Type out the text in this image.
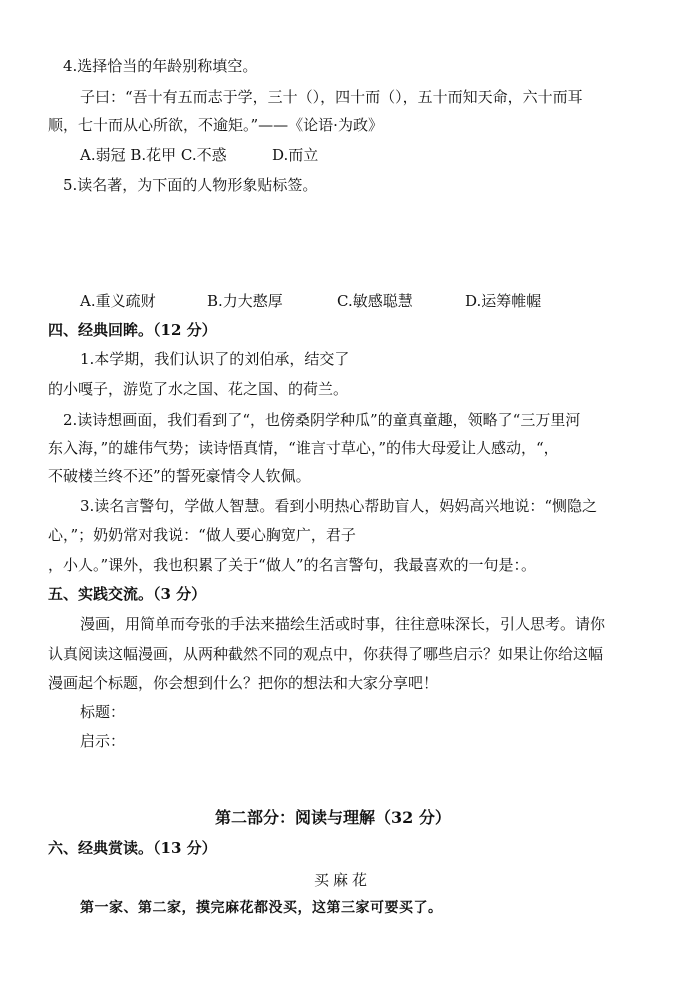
4.选择恰当的年龄别称填空。
子曰：“吾十有五而志于学，三十（），四十而（），五十而知天命，六十而耳
顺，七十而从心所欲，不逾矩。”——《论语·为政》
A.弱冠 B.花甲 C.不惑	D.而立
5.读名著，为下面的人物形象贴标签。
A.重义疏财	B.力大憨厚	C.敏感聪慧	D.运筹帷幄
四、经典回眸。（12 分）
1.本学期，我们认识了的刘伯承，结交了
的小嘎子，游览了水之国、花之国、的荷兰。
2.读诗想画面，我们看到了“，也傍桑阴学种瓜”的童真童趣，领略了“三万里河
东入海，”的雄伟气势；读诗悟真情，“谁言寸草心，”的伟大母爱让人感动，“，
不破楼兰终不还”的誓死豪情令人钦佩。
3.读名言警句，学做人智慧。看到小明热心帮助盲人，妈妈高兴地说：“恻隐之
心，”；奶奶常对我说：“做人要心胸宽广，君子
，小人。”课外，我也积累了关于“做人”的名言警句，我最喜欢的一句是：。
五、实践交流。（3 分）
漫画，用简单而夸张的手法来描绘生活或时事，往往意味深长，引人思考。请你
认真阅读这幅漫画，从两种截然不同的观点中，你获得了哪些启示？如果让你给这幅
漫画起个标题，你会想到什么？把你的想法和大家分享吧！
标题：
启示：
第二部分：阅读与理解（32 分）
六、经典赏读。（13 分）
买麻花
第一家、第二家，摸完麻花都没买，这第三家可要买了。
